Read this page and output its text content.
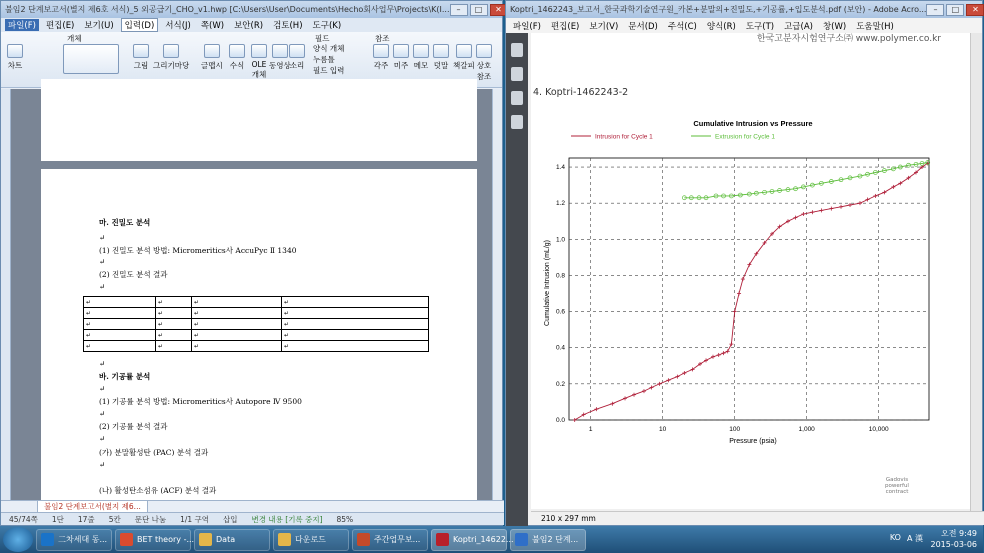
불임2 단계보고서(별지 제6호 서식)_5 외공급기_CHO_v1.hwp [C:\Users\User\Documents\Hecho회사업무\Projects\K(I... –	□	✕
파일(F)	편집(E)	보기(U)	입력(D)	서식(J)	쪽(W)	보안(R)	검토(H)	도구(K)
차트
개체
그림 그리기마당 글맵시 수식 OLE 개체
동영상 소리
필드
양식 개체
누름틀
필드 입력
참조
각주 미주 메모 덧말 책갈피 상호 참조
마. 진밀도 분석
↵
(1) 진밀도 분석 방법: Micromeritics사 AccuPyc Ⅱ 1340
↵
(2) 진밀도 분석 결과
↵
↵	↵	↵	↵
↵	↵	↵	↵
↵	↵	↵	↵
↵	↵	↵	↵
↵	↵	↵	↵
↵
바. 기공률 분석
↵
(1) 기공률 분석 방법: Micromeritics사 Autopore Ⅳ 9500
↵
(2) 기공률 분석 결과
↵
(가) 분말활성탄 (PAC) 분석 결과
↵
(나) 활성탄소섬유 (ACF) 분석 결과
불임2 단계보고서(별지 제6...
45/74쪽 1단 17줄 5칸 문단 나눔 1/1 구역 삽입 변경 내용 [기록 중지] 85%
Koptri_1462243_보고서_한국과학기술연구원_카본+분말의+진밀도,+기공률,+입도분석.pdf (보안) - Adobe Acro... –	□	✕
파일(F)	편집(E)	보기(V)	문서(D)	주석(C)	양식(R)	도구(T)	고급(A)	창(W)	도움말(H)
한국고분자시험연구소㈜ www.polymer.co.kr
4. Koptri-1462243-2
Cumulative Intrusion vs Pressure
Intrusion for Cycle 1	Extrusion for Cycle 1
1	10	100	1,000	10,000
0.0
0.2
0.4
0.6
0.8
1.0
1.2
1.4
Pressure (psia)
Cumulative Intrusion (mL/g)
Gadovis powerful contract
210 x 297 mm
二차세대 동...	BET theory -...	Data	다운로드	주간업무보...	Koptri_14622... 불임2 단계...	KO A 漢
오전 9:49
2015-03-06
